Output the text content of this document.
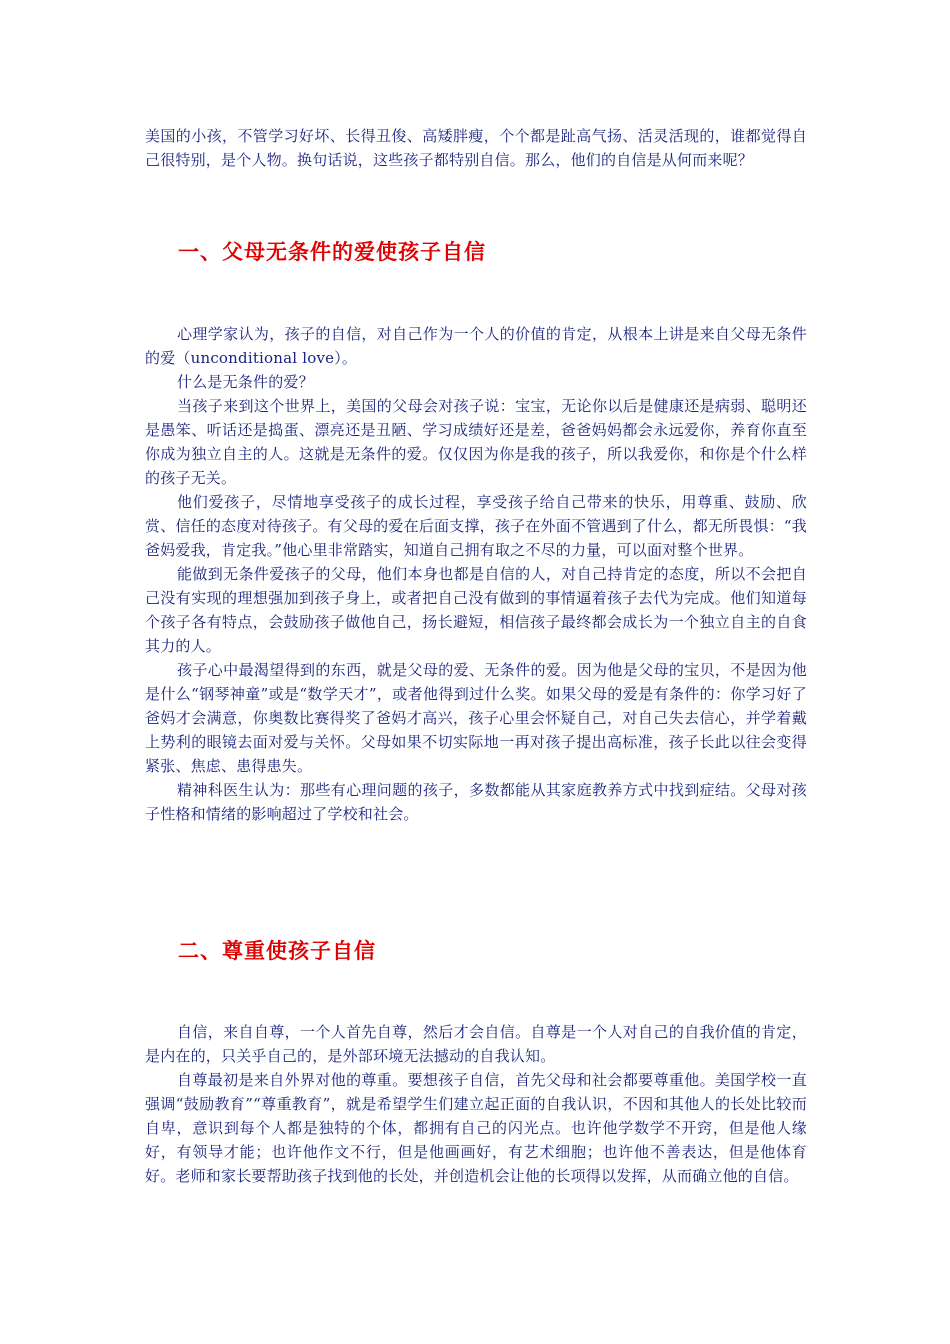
美国的小孩，不管学习好坏、长得丑俊、高矮胖瘦，个个都是趾高气扬、活灵活现的，谁都觉得自己很特别，是个人物。换句话说，这些孩子都特别自信。那么，他们的自信是从何而来呢？

一、父母无条件的爱使孩子自信

心理学家认为，孩子的自信，对自己作为一个人的价值的肯定，从根本上讲是来自父母无条件的爱（unconditional love）。

什么是无条件的爱？

当孩子来到这个世界上，美国的父母会对孩子说：宝宝，无论你以后是健康还是病弱、聪明还是愚笨、听话还是捣蛋、漂亮还是丑陋、学习成绩好还是差，爸爸妈妈都会永远爱你，养育你直至你成为独立自主的人。这就是无条件的爱。仅仅因为你是我的孩子，所以我爱你，和你是个什么样的孩子无关。

他们爱孩子，尽情地享受孩子的成长过程，享受孩子给自己带来的快乐，用尊重、鼓励、欣赏、信任的态度对待孩子。有父母的爱在后面支撑，孩子在外面不管遇到了什么，都无所畏惧：“我爸妈爱我，肯定我。”他心里非常踏实，知道自己拥有取之不尽的力量，可以面对整个世界。

能做到无条件爱孩子的父母，他们本身也都是自信的人，对自己持肯定的态度，所以不会把自己没有实现的理想强加到孩子身上，或者把自己没有做到的事情逼着孩子去代为完成。他们知道每个孩子各有特点，会鼓励孩子做他自己，扬长避短，相信孩子最终都会成长为一个独立自主的自食其力的人。

孩子心中最渴望得到的东西，就是父母的爱、无条件的爱。因为他是父母的宝贝，不是因为他是什么“钢琴神童”或是“数学天才”，或者他得到过什么奖。如果父母的爱是有条件的：你学习好了爸妈才会满意，你奥数比赛得奖了爸妈才高兴，孩子心里会怀疑自己，对自己失去信心，并学着戴上势利的眼镜去面对爱与关怀。父母如果不切实际地一再对孩子提出高标准，孩子长此以往会变得紧张、焦虑、患得患失。

精神科医生认为：那些有心理问题的孩子，多数都能从其家庭教养方式中找到症结。父母对孩子性格和情绪的影响超过了学校和社会。

二、尊重使孩子自信

自信，来自自尊，一个人首先自尊，然后才会自信。自尊是一个人对自己的自我价值的肯定，是内在的，只关乎自己的，是外部环境无法撼动的自我认知。

自尊最初是来自外界对他的尊重。要想孩子自信，首先父母和社会都要尊重他。美国学校一直强调“鼓励教育”“尊重教育”，就是希望学生们建立起正面的自我认识，不因和其他人的长处比较而自卑，意识到每个人都是独特的个体，都拥有自己的闪光点。也许他学数学不开窍，但是他人缘好，有领导才能；也许他作文不行，但是他画画好，有艺术细胞；也许他不善表达，但是他体育好。老师和家长要帮助孩子找到他的长处，并创造机会让他的长项得以发挥，从而确立他的自信。
